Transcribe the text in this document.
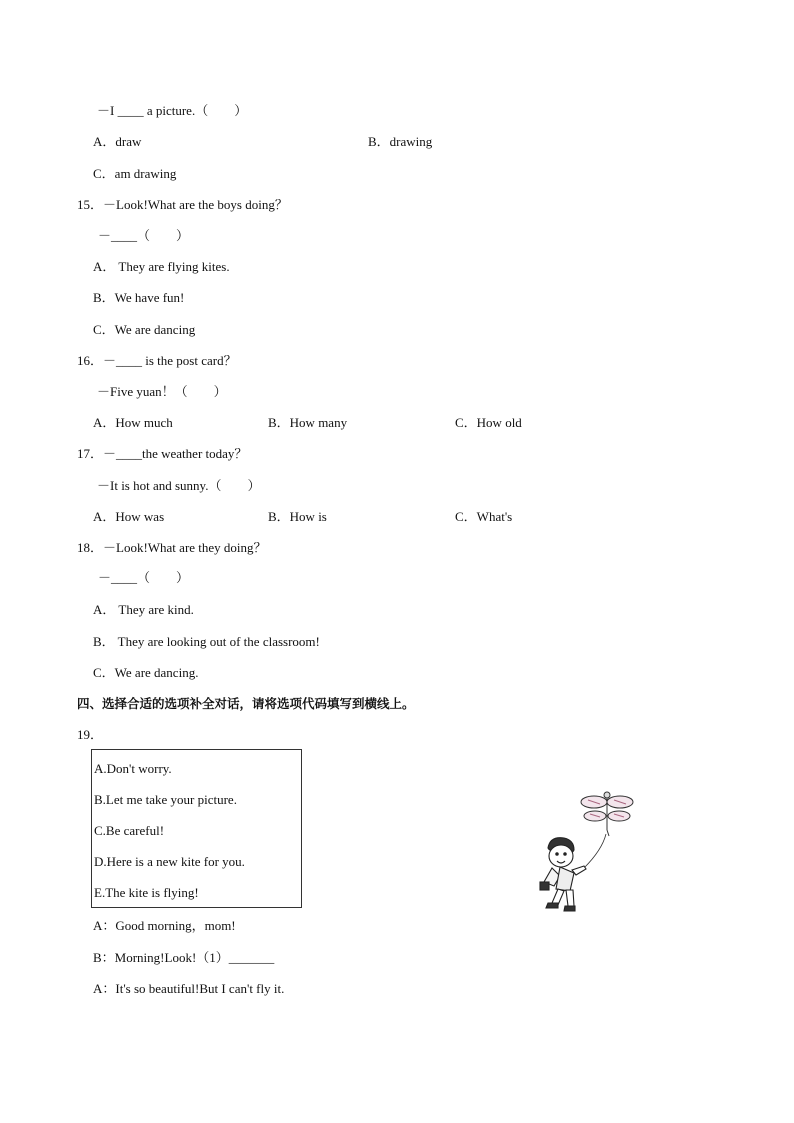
－I ____ a picture.（　　）
A．draw	B．drawing
C．am drawing
15．－Look!What are the boys doing？
－____（　　）
A． They are flying kites.
B．We have fun!
C．We are dancing
16．－____ is the post card？
－Five yuan！（　　）
A．How much	B．How many	C．How old
17．－____the weather today？
－It is hot and sunny.（　　）
A．How was	B．How is	C．What's
18．－Look!What are they doing？
－____（　　）
A． They are kind.
B． They are looking out of the classroom!
C．We are dancing.
四、选择合适的选项补全对话，请将选项代码填写到横线上。
19．
A.Don't worry.
B.Let me take your picture.
C.Be careful!
D.Here is a new kite for you.
E.The kite is flying!
A：Good morning，mom!
B：Morning!Look!（1）_______
A：It's so beautiful!But I can't fly it.
